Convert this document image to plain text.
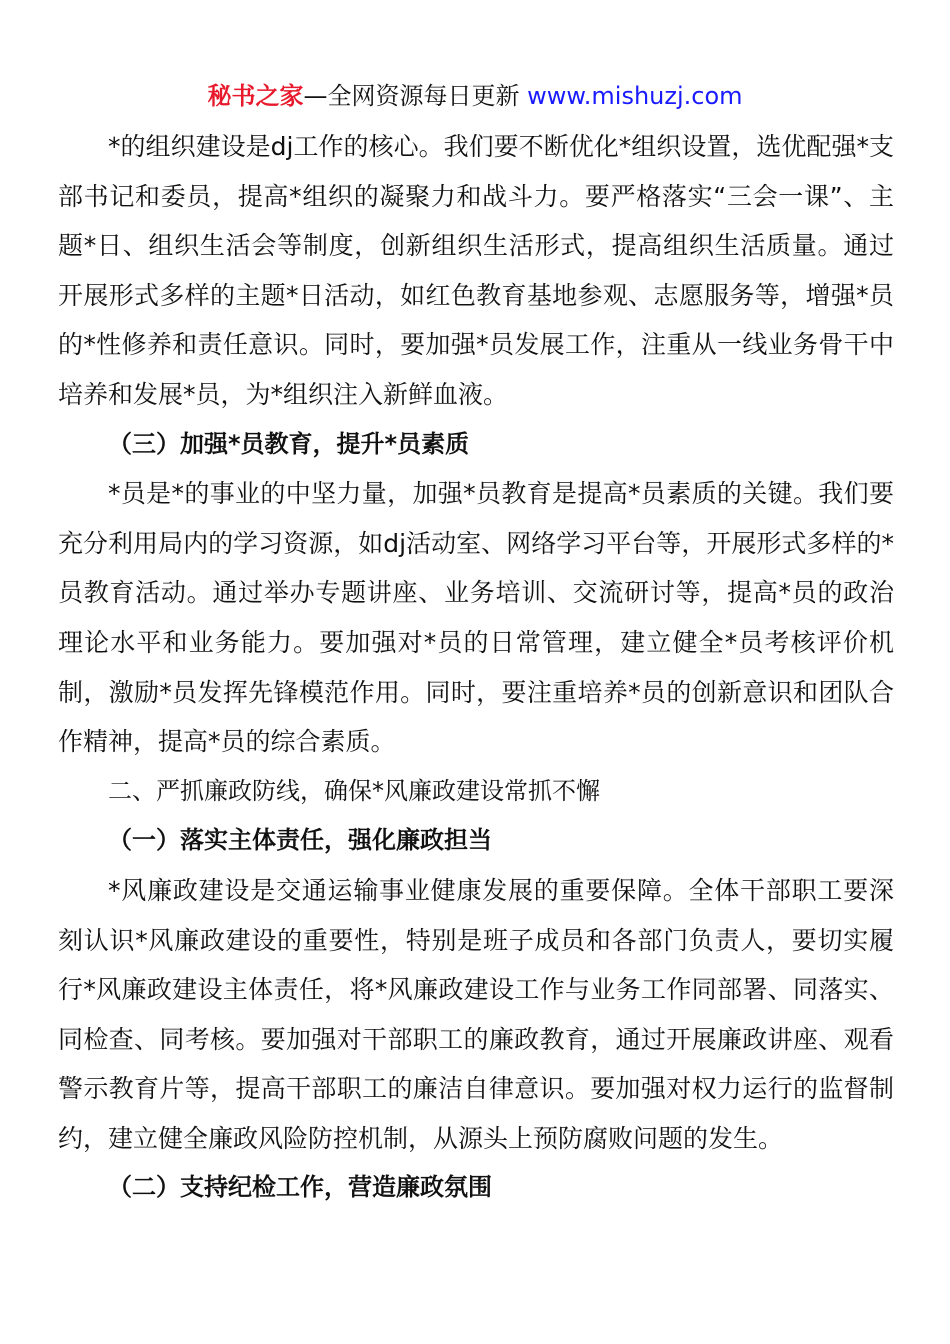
秘书之家—全网资源每日更新 www.mishuzj.com

*的组织建设是dj工作的核心。我们要不断优化*组织设置，选优配强*支部书记和委员，提高*组织的凝聚力和战斗力。要严格落实“三会一课”、主题*日、组织生活会等制度，创新组织生活形式，提高组织生活质量。通过开展形式多样的主题*日活动，如红色教育基地参观、志愿服务等，增强*员的*性修养和责任意识。同时，要加强*员发展工作，注重从一线业务骨干中培养和发展*员，为*组织注入新鲜血液。

（三）加强*员教育，提升*员素质

*员是*的事业的中坚力量，加强*员教育是提高*员素质的关键。我们要充分利用局内的学习资源，如dj活动室、网络学习平台等，开展形式多样的*员教育活动。通过举办专题讲座、业务培训、交流研讨等，提高*员的政治理论水平和业务能力。要加强对*员的日常管理，建立健全*员考核评价机制，激励*员发挥先锋模范作用。同时，要注重培养*员的创新意识和团队合作精神，提高*员的综合素质。

二、严抓廉政防线，确保*风廉政建设常抓不懈

（一）落实主体责任，强化廉政担当

*风廉政建设是交通运输事业健康发展的重要保障。全体干部职工要深刻认识*风廉政建设的重要性，特别是班子成员和各部门负责人，要切实履行*风廉政建设主体责任，将*风廉政建设工作与业务工作同部署、同落实、同检查、同考核。要加强对干部职工的廉政教育，通过开展廉政讲座、观看警示教育片等，提高干部职工的廉洁自律意识。要加强对权力运行的监督制约，建立健全廉政风险防控机制，从源头上预防腐败问题的发生。

（二）支持纪检工作，营造廉政氛围
